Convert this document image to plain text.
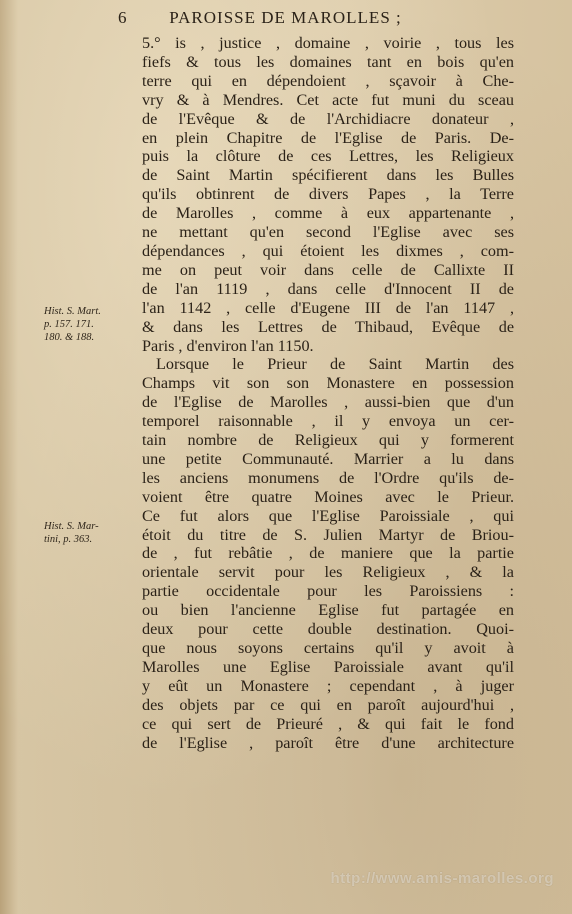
6 PAROISSE DE MAROLLES ;
Hist. S. Mart.
p. 157. 171.
180. & 188.
Hist. S. Mar-
tini, p. 363.
5.° is , justice , domaine , voirie , tous les
fiefs & tous les domaines tant en bois qu'en
terre qui en dépendoient , sçavoir à Che-
vry & à Mendres. Cet acte fut muni du sceau
de l'Evêque & de l'Archidiacre donateur ,
en plein Chapitre de l'Eglise de Paris. De-
puis la clôture de ces Lettres, les Religieux
de Saint Martin spécifierent dans les Bulles
qu'ils obtinrent de divers Papes , la Terre
de Marolles , comme à eux appartenante ,
ne mettant qu'en second l'Eglise avec ses
dépendances , qui étoient les dixmes , com-
me on peut voir dans celle de Callixte II
de l'an 1119 , dans celle d'Innocent II de
l'an 1142 , celle d'Eugene III de l'an 1147 ,
& dans les Lettres de Thibaud, Evêque de
Paris , d'environ l'an 1150.
Lorsque le Prieur de Saint Martin des
Champs vit son son Monastere en possession
de l'Eglise de Marolles , aussi-bien que d'un
temporel raisonnable , il y envoya un cer-
tain nombre de Religieux qui y formerent
une petite Communauté. Marrier a lu dans
les anciens monumens de l'Ordre qu'ils de-
voient être quatre Moines avec le Prieur.
Ce fut alors que l'Eglise Paroissiale , qui
étoit du titre de S. Julien Martyr de Briou-
de , fut rebâtie , de maniere que la partie
orientale servit pour les Religieux , & la
partie occidentale pour les Paroissiens :
ou bien l'ancienne Eglise fut partagée en
deux pour cette double destination. Quoi-
que nous soyons certains qu'il y avoit à
Marolles une Eglise Paroissiale avant qu'il
y eût un Monastere ; cependant , à juger
des objets par ce qui en paroît aujourd'hui ,
ce qui sert de Prieuré , & qui fait le fond
de l'Eglise , paroît être d'une architecture
http://www.amis-marolles.org
